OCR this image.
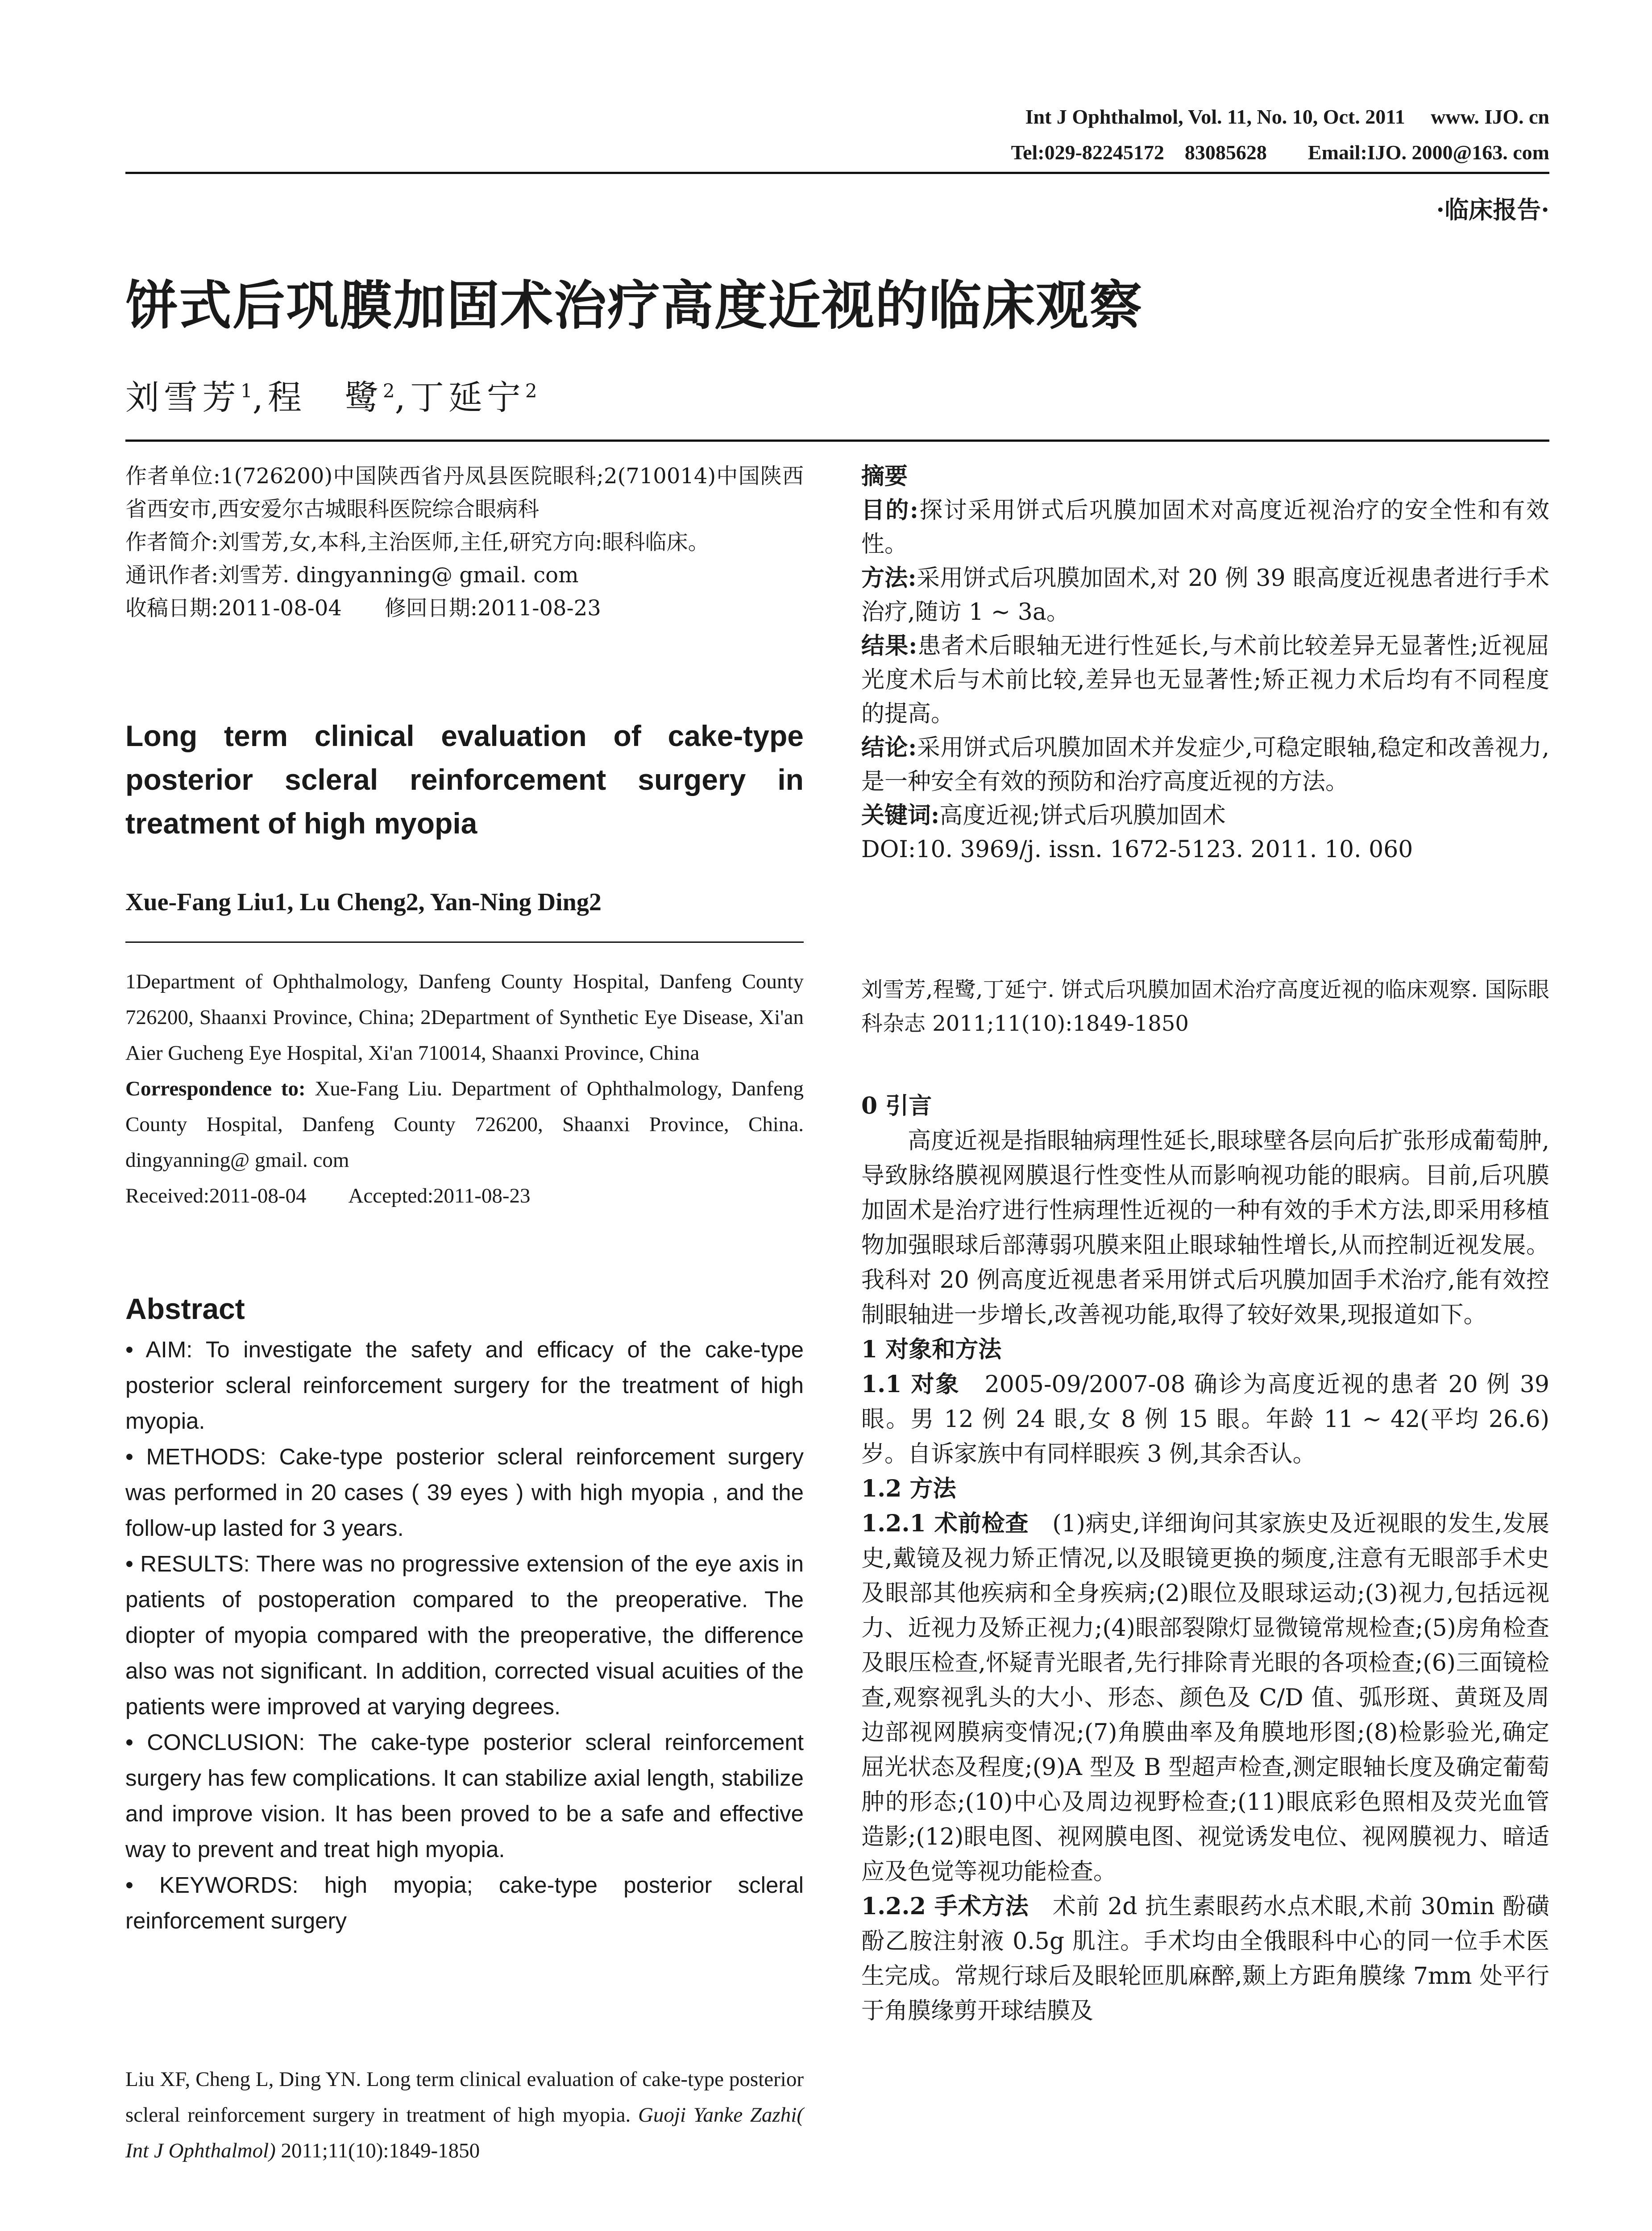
Int J Ophthalmol, Vol. 11, No. 10, Oct. 2011　 www. IJO. cn
Tel:029-82245172　83085628　　Email:IJO. 2000@163. com
·临床报告·
饼式后巩膜加固术治疗高度近视的临床观察
刘雪芳$^1$,程　鹭$^2$,丁延宁$^2$

作者单位:1(726200)中国陕西省丹凤县医院眼科;2(710014)中国陕西省西安市,西安爱尔古城眼科医院综合眼病科

作者简介:刘雪芳,女,本科,主治医师,主任,研究方向:眼科临床。

通讯作者:刘雪芳. dingyanning@ gmail. com

收稿日期:2011-08-04　　修回日期:2011-08-23

Long term clinical evaluation of cake-type posterior scleral reinforcement surgery in treatment of high myopia
Xue-Fang Liu1, Lu Cheng2, Yan-Ning Ding2

1Department of Ophthalmology, Danfeng County Hospital, Danfeng County 726200, Shaanxi Province, China; 2Department of Synthetic Eye Disease, Xi'an Aier Gucheng Eye Hospital, Xi'an 710014, Shaanxi Province, China

Correspondence to: Xue-Fang Liu. Department of Ophthalmology, Danfeng County Hospital, Danfeng County 726200, Shaanxi Province, China. dingyanning@ gmail. com

Received:2011-08-04　　Accepted:2011-08-23

Abstract

• AIM: To investigate the safety and efficacy of the cake-type posterior scleral reinforcement surgery for the treatment of high myopia.

• METHODS: Cake-type posterior scleral reinforcement surgery was performed in 20 cases ( 39 eyes ) with high myopia , and the follow-up lasted for 3 years.

• RESULTS: There was no progressive extension of the eye axis in patients of postoperation compared to the preoperative. The diopter of myopia compared with the preoperative, the difference also was not significant. In addition, corrected visual acuities of the patients were improved at varying degrees.

• CONCLUSION: The cake-type posterior scleral reinforcement surgery has few complications. It can stabilize axial length, stabilize and improve vision. It has been proved to be a safe and effective way to prevent and treat high myopia.

• KEYWORDS: high myopia; cake-type posterior scleral reinforcement surgery

Liu XF, Cheng L, Ding YN. Long term clinical evaluation of cake-type posterior scleral reinforcement surgery in treatment of high myopia. Guoji Yanke Zazhi( Int J Ophthalmol) 2011;11(10):1849-1850

摘要

目的:探讨采用饼式后巩膜加固术对高度近视治疗的安全性和有效性。

方法:采用饼式后巩膜加固术,对 20 例 39 眼高度近视患者进行手术治疗,随访 1 ~ 3a。

结果:患者术后眼轴无进行性延长,与术前比较差异无显著性;近视屈光度术后与术前比较,差异也无显著性;矫正视力术后均有不同程度的提高。

结论:采用饼式后巩膜加固术并发症少,可稳定眼轴,稳定和改善视力,是一种安全有效的预防和治疗高度近视的方法。

关键词:高度近视;饼式后巩膜加固术

DOI:10. 3969/j. issn. 1672-5123. 2011. 10. 060

刘雪芳,程鹭,丁延宁. 饼式后巩膜加固术治疗高度近视的临床观察. 国际眼科杂志 2011;11(10):1849-1850

0 引言

高度近视是指眼轴病理性延长,眼球壁各层向后扩张形成葡萄肿,导致脉络膜视网膜退行性变性从而影响视功能的眼病。目前,后巩膜加固术是治疗进行性病理性近视的一种有效的手术方法,即采用移植物加强眼球后部薄弱巩膜来阻止眼球轴性增长,从而控制近视发展。我科对 20 例高度近视患者采用饼式后巩膜加固手术治疗,能有效控制眼轴进一步增长,改善视功能,取得了较好效果,现报道如下。

1 对象和方法

1.1 对象　2005-09/2007-08 确诊为高度近视的患者 20 例 39 眼。男 12 例 24 眼,女 8 例 15 眼。年龄 11 ~ 42(平均 26.6)岁。自诉家族中有同样眼疾 3 例,其余否认。

1.2 方法

1.2.1 术前检查　(1)病史,详细询问其家族史及近视眼的发生,发展史,戴镜及视力矫正情况,以及眼镜更换的频度,注意有无眼部手术史及眼部其他疾病和全身疾病;(2)眼位及眼球运动;(3)视力,包括远视力、近视力及矫正视力;(4)眼部裂隙灯显微镜常规检查;(5)房角检查及眼压检查,怀疑青光眼者,先行排除青光眼的各项检查;(6)三面镜检查,观察视乳头的大小、形态、颜色及 C/D 值、弧形斑、黄斑及周边部视网膜病变情况;(7)角膜曲率及角膜地形图;(8)检影验光,确定屈光状态及程度;(9)A 型及 B 型超声检查,测定眼轴长度及确定葡萄肿的形态;(10)中心及周边视野检查;(11)眼底彩色照相及荧光血管造影;(12)眼电图、视网膜电图、视觉诱发电位、视网膜视力、暗适应及色觉等视功能检查。

1.2.2 手术方法　术前 2d 抗生素眼药水点术眼,术前 30min 酚磺酚乙胺注射液 0.5g 肌注。手术均由全俄眼科中心的同一位手术医生完成。常规行球后及眼轮匝肌麻醉,颞上方距角膜缘 7mm 处平行于角膜缘剪开球结膜及
